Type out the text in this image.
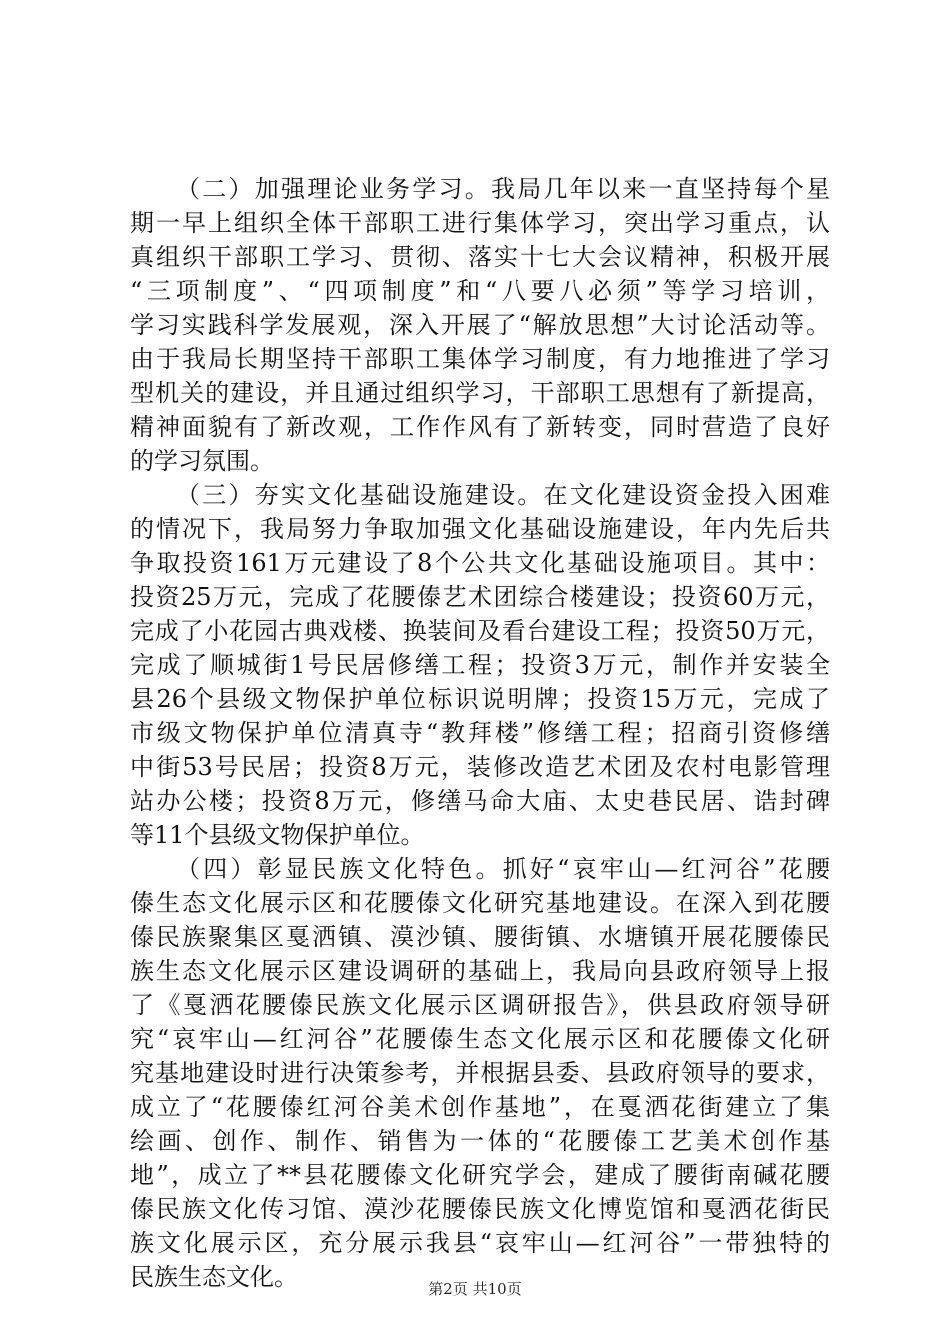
（二）加强理论业务学习。我局几年以来一直坚持每个星
期一早上组织全体干部职工进行集体学习，突出学习重点，认
真组织干部职工学习、贯彻、落实十七大会议精神，积极开展
“三项制度”、“四项制度”和“八要八必须”等学习培训，
学习实践科学发展观，深入开展了“解放思想”大讨论活动等。
由于我局长期坚持干部职工集体学习制度，有力地推进了学习
型机关的建设，并且通过组织学习，干部职工思想有了新提高，
精神面貌有了新改观，工作作风有了新转变，同时营造了良好
的学习氛围。
（三）夯实文化基础设施建设。在文化建设资金投入困难
的情况下，我局努力争取加强文化基础设施建设，年内先后共
争取投资161万元建设了8个公共文化基础设施项目。其中：
投资25万元，完成了花腰傣艺术团综合楼建设；投资60万元，
完成了小花园古典戏楼、换装间及看台建设工程；投资50万元，
完成了顺城街1号民居修缮工程；投资3万元，制作并安装全
县26个县级文物保护单位标识说明牌；投资15万元，完成了
市级文物保护单位清真寺“教拜楼”修缮工程；招商引资修缮
中街53号民居；投资8万元，装修改造艺术团及农村电影管理
站办公楼；投资8万元，修缮马命大庙、太史巷民居、诰封碑
等11个县级文物保护单位。
（四）彰显民族文化特色。抓好“哀牢山—红河谷”花腰
傣生态文化展示区和花腰傣文化研究基地建设。在深入到花腰
傣民族聚集区戛洒镇、漠沙镇、腰街镇、水塘镇开展花腰傣民
族生态文化展示区建设调研的基础上，我局向县政府领导上报
了《戛洒花腰傣民族文化展示区调研报告》，供县政府领导研
究“哀牢山—红河谷”花腰傣生态文化展示区和花腰傣文化研
究基地建设时进行决策参考，并根据县委、县政府领导的要求，
成立了“花腰傣红河谷美术创作基地”，在戛洒花街建立了集
绘画、创作、制作、销售为一体的“花腰傣工艺美术创作基
地”，成立了**县花腰傣文化研究学会，建成了腰街南碱花腰
傣民族文化传习馆、漠沙花腰傣民族文化博览馆和戛洒花街民
族文化展示区，充分展示我县“哀牢山—红河谷”一带独特的
民族生态文化。	第2页 共10页
